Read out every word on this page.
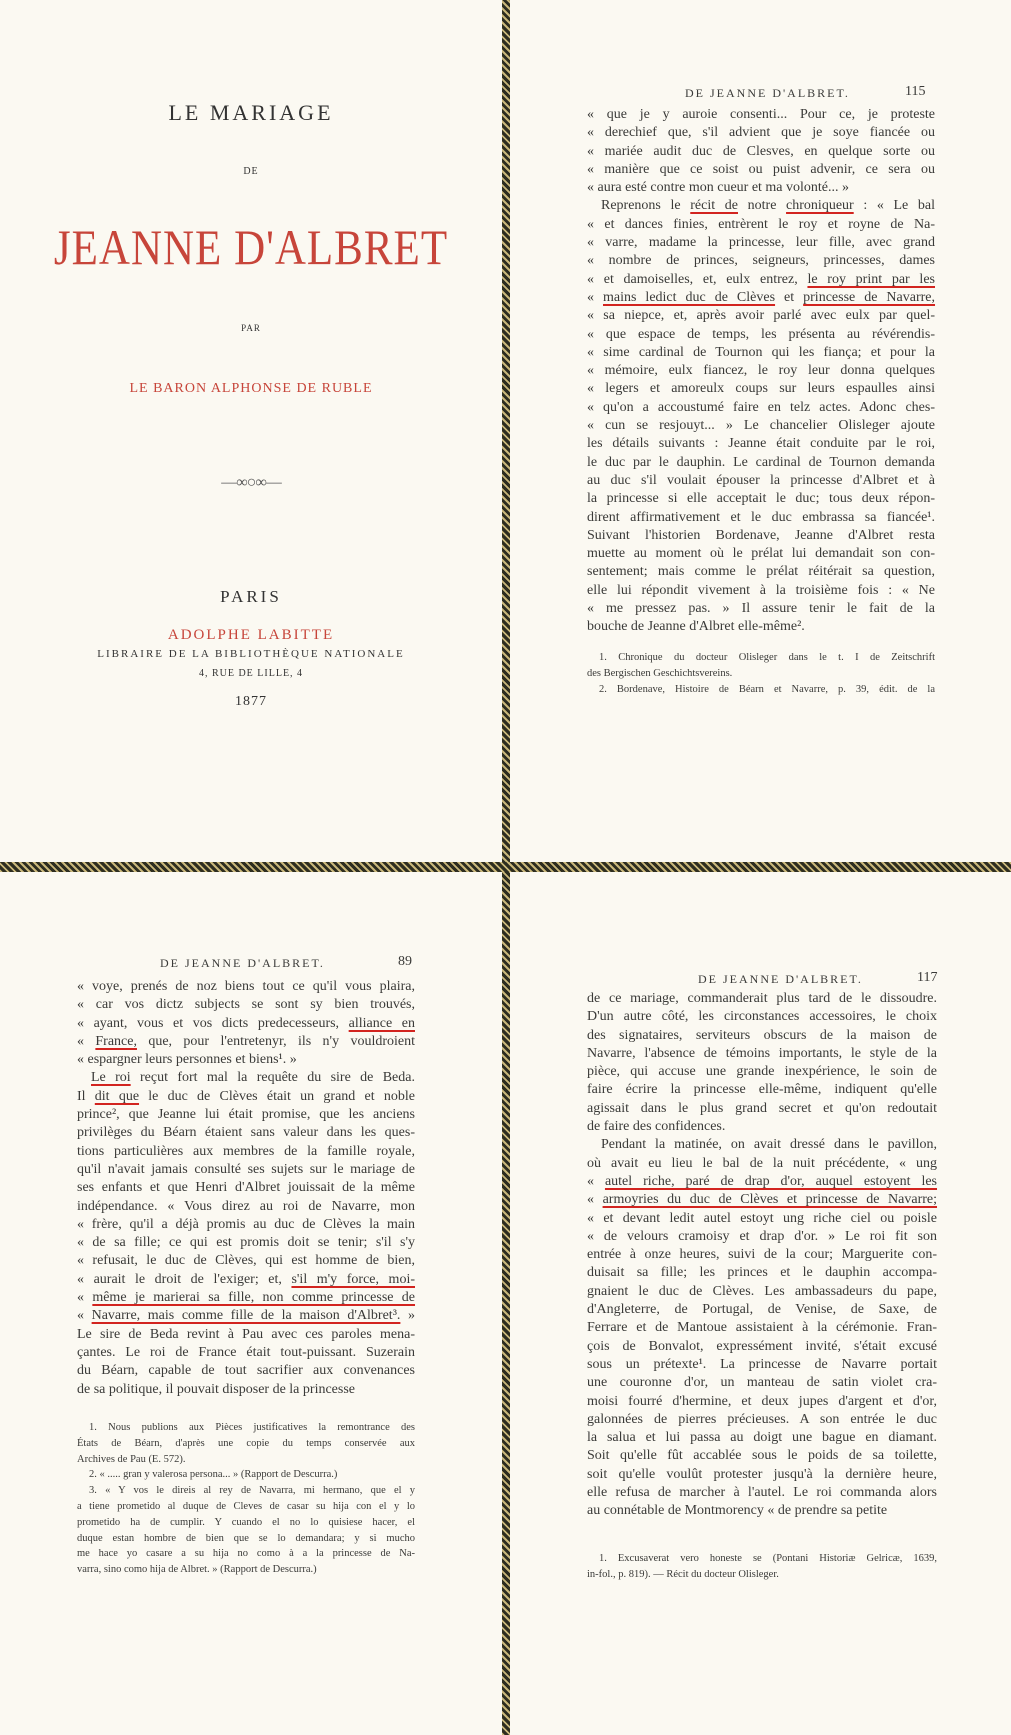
LE MARIAGE
DE
JEANNE D'ALBRET
PAR
LE BARON ALPHONSE DE RUBLE
—∞○∞—
PARIS
ADOLPHE LABITTE
LIBRAIRE DE LA BIBLIOTHÈQUE NATIONALE
4, RUE DE LILLE, 4
1877
DE JEANNE D'ALBRET.	115
« que je y auroie consenti... Pour ce, je proteste
« derechief que, s'il advient que je soye fiancée ou
« mariée audit duc de Clesves, en quelque sorte ou
« manière que ce soist ou puist advenir, ce sera ou
« aura esté contre mon cueur et ma volonté... »
Reprenons le récit de notre chroniqueur : « Le bal
« et dances finies, entrèrent le roy et royne de Na-
« varre, madame la princesse, leur fille, avec grand
« nombre de princes, seigneurs, princesses, dames
« et damoiselles, et, eulx entrez, le roy print par les
« mains ledict duc de Clèves et princesse de Navarre,
« sa niepce, et, après avoir parlé avec eulx par quel-
« que espace de temps, les présenta au révérendis-
« sime cardinal de Tournon qui les fiança; et pour la
« mémoire, eulx fiancez, le roy leur donna quelques
« legers et amoreulx coups sur leurs espaulles ainsi
« qu'on a accoustumé faire en telz actes. Adonc ches-
« cun se resjouyt... » Le chancelier Olisleger ajoute
les détails suivants : Jeanne était conduite par le roi,
le duc par le dauphin. Le cardinal de Tournon demanda
au duc s'il voulait épouser la princesse d'Albret et à
la princesse si elle acceptait le duc; tous deux répon-
dirent affirmativement et le duc embrassa sa fiancée¹.
Suivant l'historien Bordenave, Jeanne d'Albret resta
muette au moment où le prélat lui demandait son con-
sentement; mais comme le prélat réitérait sa question,
elle lui répondit vivement à la troisième fois : « Ne
« me pressez pas. » Il assure tenir le fait de la
bouche de Jeanne d'Albret elle-même².
1. Chronique du docteur Olisleger dans le t. I de Zeitschrift
des Bergischen Geschichtsvereins.
2. Bordenave, Histoire de Béarn et Navarre, p. 39, édit. de la
DE JEANNE D'ALBRET.	89
« voye, prenés de noz biens tout ce qu'il vous plaira,
« car vos dictz subjects se sont sy bien trouvés,
« ayant, vous et vos dicts predecesseurs, alliance en
« France, que, pour l'entretenyr, ils n'y vouldroient
« espargner leurs personnes et biens¹. »
Le roi reçut fort mal la requête du sire de Beda.
Il dit que le duc de Clèves était un grand et noble
prince², que Jeanne lui était promise, que les anciens
privilèges du Béarn étaient sans valeur dans les ques-
tions particulières aux membres de la famille royale,
qu'il n'avait jamais consulté ses sujets sur le mariage de
ses enfants et que Henri d'Albret jouissait de la même
indépendance. « Vous direz au roi de Navarre, mon
« frère, qu'il a déjà promis au duc de Clèves la main
« de sa fille; ce qui est promis doit se tenir; s'il s'y
« refusait, le duc de Clèves, qui est homme de bien,
« aurait le droit de l'exiger; et, s'il m'y force, moi-
« même je marierai sa fille, non comme princesse de
« Navarre, mais comme fille de la maison d'Albret³. »
Le sire de Beda revint à Pau avec ces paroles mena-
çantes. Le roi de France était tout-puissant. Suzerain
du Béarn, capable de tout sacrifier aux convenances
de sa politique, il pouvait disposer de la princesse
1. Nous publions aux Pièces justificatives la remontrance des
États de Béarn, d'après une copie du temps conservée aux
Archives de Pau (E. 572).
2. « ..... gran y valerosa persona... » (Rapport de Descurra.)
3. « Y vos le direis al rey de Navarra, mi hermano, que el y
a tiene prometido al duque de Cleves de casar su hija con el y lo
prometido ha de cumplir. Y cuando el no lo quisiese hacer, el
duque estan hombre de bien que se lo demandara; y si mucho
me hace yo casare a su hija no como à a la princesse de Na-
varra, sino como hija de Albret. » (Rapport de Descurra.)
DE JEANNE D'ALBRET.	117
de ce mariage, commanderait plus tard de le dissoudre.
D'un autre côté, les circonstances accessoires, le choix
des signataires, serviteurs obscurs de la maison de
Navarre, l'absence de témoins importants, le style de la
pièce, qui accuse une grande inexpérience, le soin de
faire écrire la princesse elle-même, indiquent qu'elle
agissait dans le plus grand secret et qu'on redoutait
de faire des confidences.
Pendant la matinée, on avait dressé dans le pavillon,
où avait eu lieu le bal de la nuit précédente, « ung
« autel riche, paré de drap d'or, auquel estoyent les
« armoyries du duc de Clèves et princesse de Navarre;
« et devant ledit autel estoyt ung riche ciel ou poisle
« de velours cramoisy et drap d'or. » Le roi fit son
entrée à onze heures, suivi de la cour; Marguerite con-
duisait sa fille; les princes et le dauphin accompa-
gnaient le duc de Clèves. Les ambassadeurs du pape,
d'Angleterre, de Portugal, de Venise, de Saxe, de
Ferrare et de Mantoue assistaient à la cérémonie. Fran-
çois de Bonvalot, expressément invité, s'était excusé
sous un prétexte¹. La princesse de Navarre portait
une couronne d'or, un manteau de satin violet cra-
moisi fourré d'hermine, et deux jupes d'argent et d'or,
galonnées de pierres précieuses. A son entrée le duc
la salua et lui passa au doigt une bague en diamant.
Soit qu'elle fût accablée sous le poids de sa toilette,
soit qu'elle voulût protester jusqu'à la dernière heure,
elle refusa de marcher à l'autel. Le roi commanda alors
au connétable de Montmorency « de prendre sa petite
1. Excusaverat vero honeste se (Pontani Historiæ Gelricæ, 1639,
in-fol., p. 819). — Récit du docteur Olisleger.
